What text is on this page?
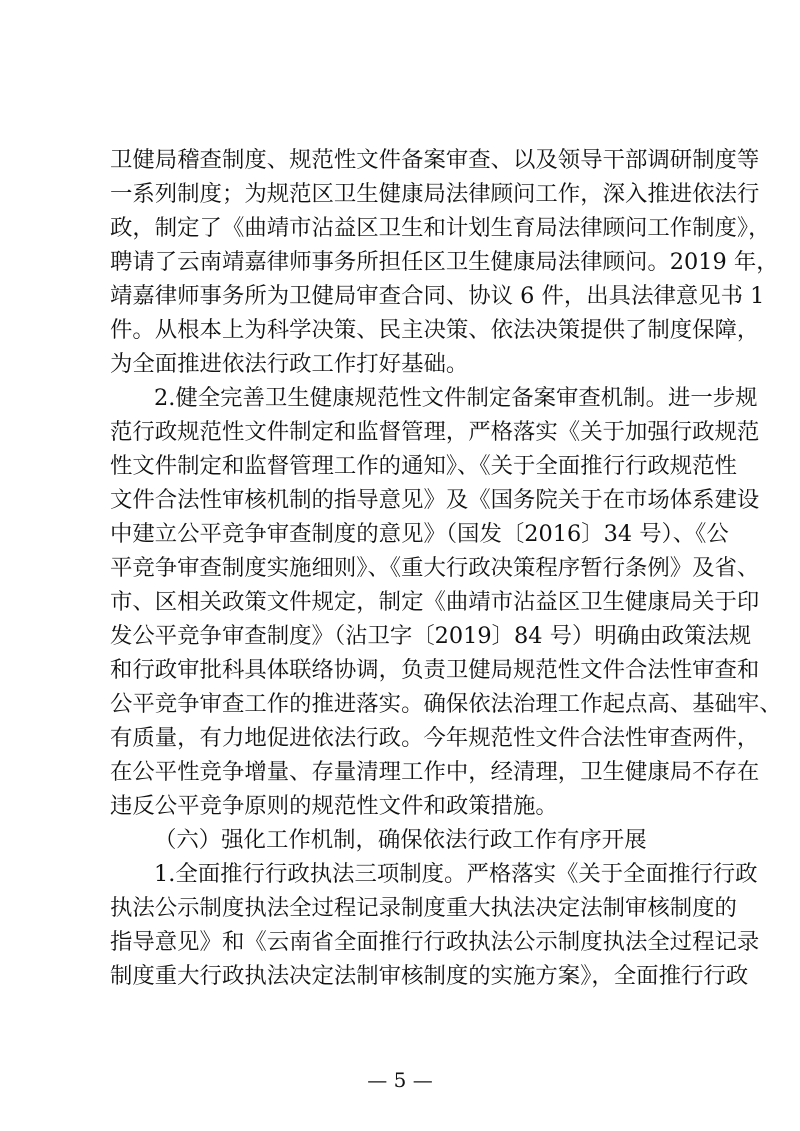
卫健局稽查制度、规范性文件备案审查、以及领导干部调研制度等
一系列制度；为规范区卫生健康局法律顾问工作，深入推进依法行
政，制定了《曲靖市沾益区卫生和计划生育局法律顾问工作制度》，
聘请了云南靖嘉律师事务所担任区卫生健康局法律顾问。2019 年，
靖嘉律师事务所为卫健局审查合同、协议 6 件，出具法律意见书 1
件。从根本上为科学决策、民主决策、依法决策提供了制度保障，
为全面推进依法行政工作打好基础。
2.健全完善卫生健康规范性文件制定备案审查机制。进一步规
范行政规范性文件制定和监督管理，严格落实《关于加强行政规范
性文件制定和监督管理工作的通知》、《关于全面推行行政规范性
文件合法性审核机制的指导意见》及《国务院关于在市场体系建设
中建立公平竞争审查制度的意见》（国发〔2016〕34 号）、《公
平竞争审查制度实施细则》、《重大行政决策程序暂行条例》及省、
市、区相关政策文件规定，制定《曲靖市沾益区卫生健康局关于印
发公平竞争审查制度》（沾卫字〔2019〕84 号）明确由政策法规
和行政审批科具体联络协调，负责卫健局规范性文件合法性审查和
公平竞争审查工作的推进落实。确保依法治理工作起点高、基础牢、
有质量，有力地促进依法行政。今年规范性文件合法性审查两件，
在公平性竞争增量、存量清理工作中，经清理，卫生健康局不存在
违反公平竞争原则的规范性文件和政策措施。
（六）强化工作机制，确保依法行政工作有序开展
1.全面推行行政执法三项制度。严格落实《关于全面推行行政
执法公示制度执法全过程记录制度重大执法决定法制审核制度的
指导意见》和《云南省全面推行行政执法公示制度执法全过程记录
制度重大行政执法决定法制审核制度的实施方案》，全面推行行政
— 5 —
